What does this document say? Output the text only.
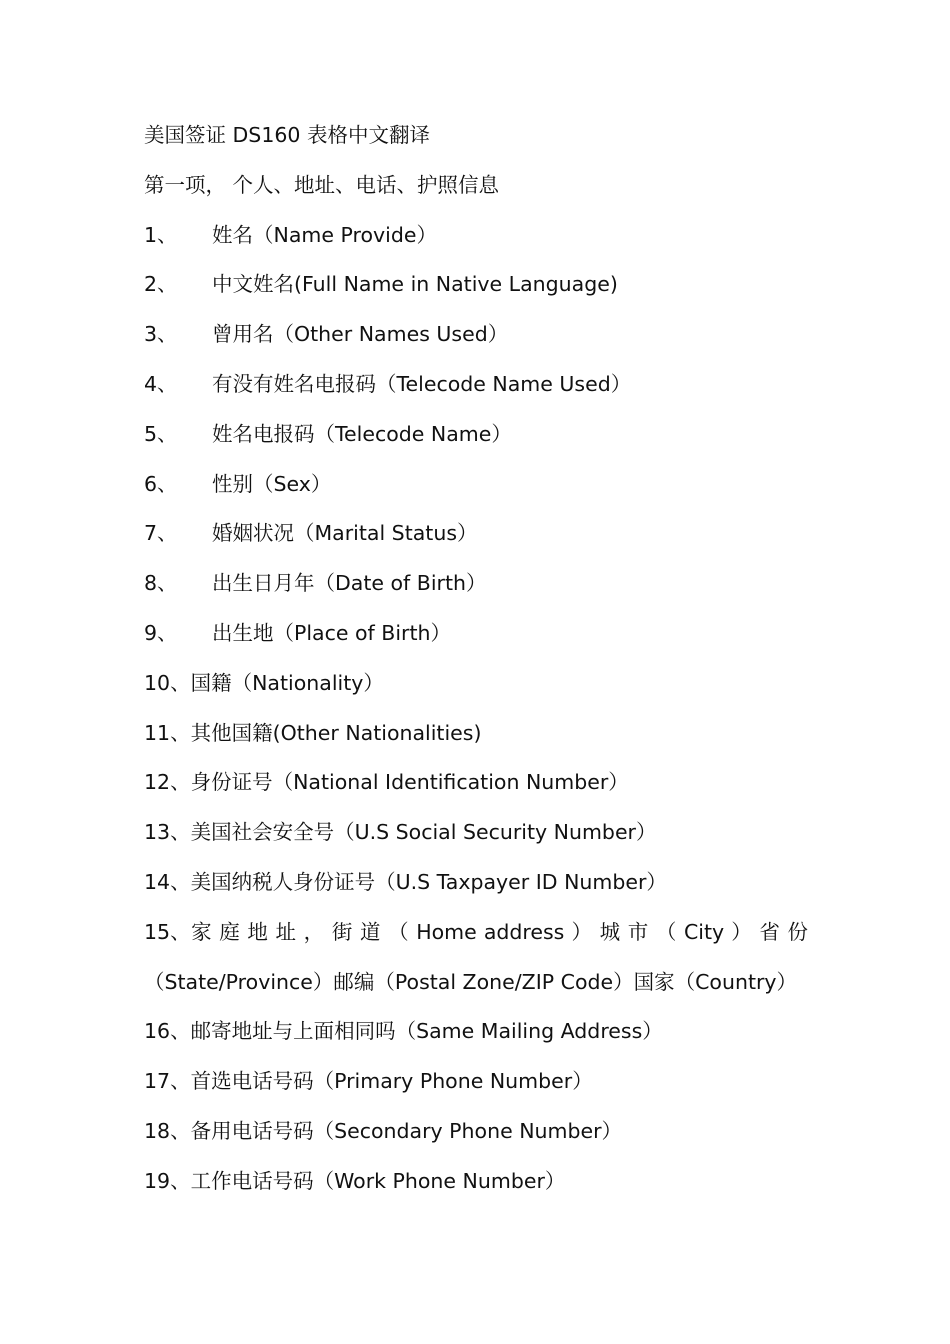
美国签证 DS160 表格中文翻译
第一项， 个人、地址、电话、护照信息
1、 姓名（Name Provide）
2、 中文姓名(Full Name in Native Language)
3、 曾用名（Other Names Used）
4、 有没有姓名电报码（Telecode Name Used）
5、 姓名电报码（Telecode Name）
6、 性别（Sex）
7、 婚姻状况（Marital Status）
8、 出生日月年（Date of Birth）
9、 出生地（Place of Birth）
10、国籍（Nationality）
11、其他国籍(Other Nationalities)
12、身份证号（National Identification Number）
13、美国社会安全号（U.S Social Security Number）
14、美国纳税人身份证号（U.S Taxpayer ID Number）
15、家 庭 地 址 ， 街 道 （ Home address ） 城 市 （ City ） 省 份
（State/Province）邮编（Postal Zone/ZIP Code）国家（Country）
16、邮寄地址与上面相同吗（Same Mailing Address）
17、首选电话号码（Primary Phone Number）
18、备用电话号码（Secondary Phone Number）
19、工作电话号码（Work Phone Number）
